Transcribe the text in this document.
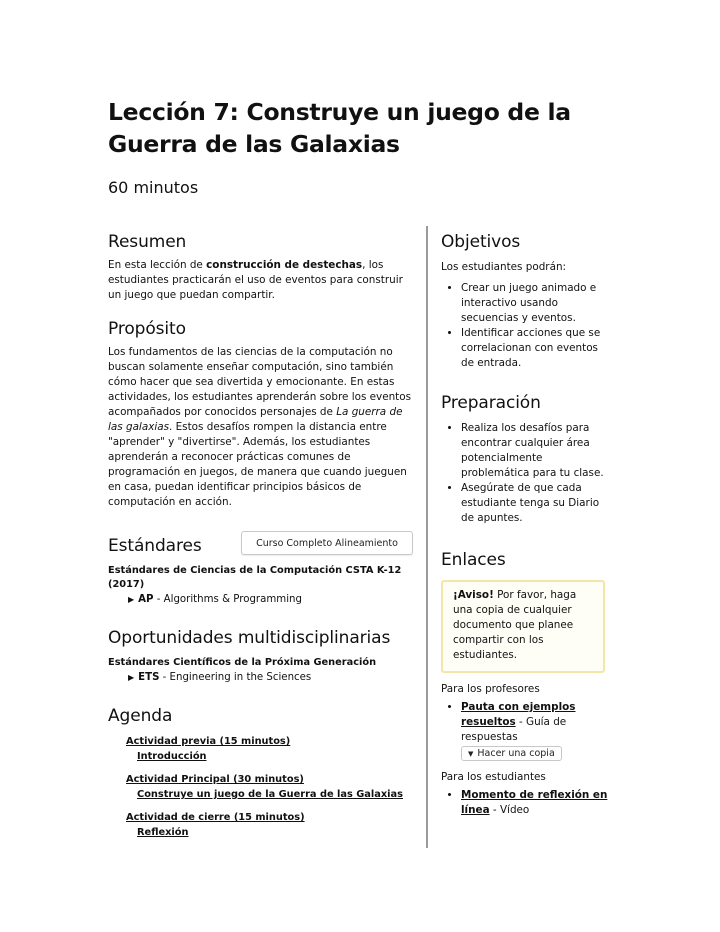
Lección 7: Construye un juego de la Guerra de las Galaxias
60 minutos
Resumen

En esta lección de construcción de destechas, los estudiantes practicarán el uso de eventos para construir un juego que puedan compartir.

Propósito

Los fundamentos de las ciencias de la computación no buscan solamente enseñar computación, sino también cómo hacer que sea divertida y emocionante. En estas actividades, los estudiantes aprenderán sobre los eventos acompañados por conocidos personajes de La guerra de las galaxias. Estos desafíos rompen la distancia entre "aprender" y "divertirse". Además, los estudiantes aprenderán a reconocer prácticas comunes de programación en juegos, de manera que cuando jueguen en casa, puedan identificar principios básicos de computación en acción.

Estándares	Curso Completo Alineamiento
Estándares de Ciencias de la Computación CSTA K-12 (2017)
▶ AP - Algorithms & Programming
Oportunidades multidisciplinarias
Estándares Científicos de la Próxima Generación
▶ ETS - Engineering in the Sciences
Agenda
Actividad previa (15 minutos)
Introducción
Actividad Principal (30 minutos)
Construye un juego de la Guerra de las Galaxias
Actividad de cierre (15 minutos)
Reflexión
Objetivos

Los estudiantes podrán:

• Crear un juego animado e interactivo usando secuencias y eventos.
• Identificar acciones que se correlacionan con eventos de entrada.
Preparación
• Realiza los desafíos para encontrar cualquier área potencialmente problemática para tu clase.
• Asegúrate de que cada estudiante tenga su Diario de apuntes.
Enlaces

¡Aviso! Por favor, haga una copia de cualquier documento que planee compartir con los estudiantes.

Para los profesores
• Pauta con ejemplos resueltos - Guía de respuestas

▼ Hacer una copia
Para los estudiantes
• Momento de reflexión en línea - Vídeo
